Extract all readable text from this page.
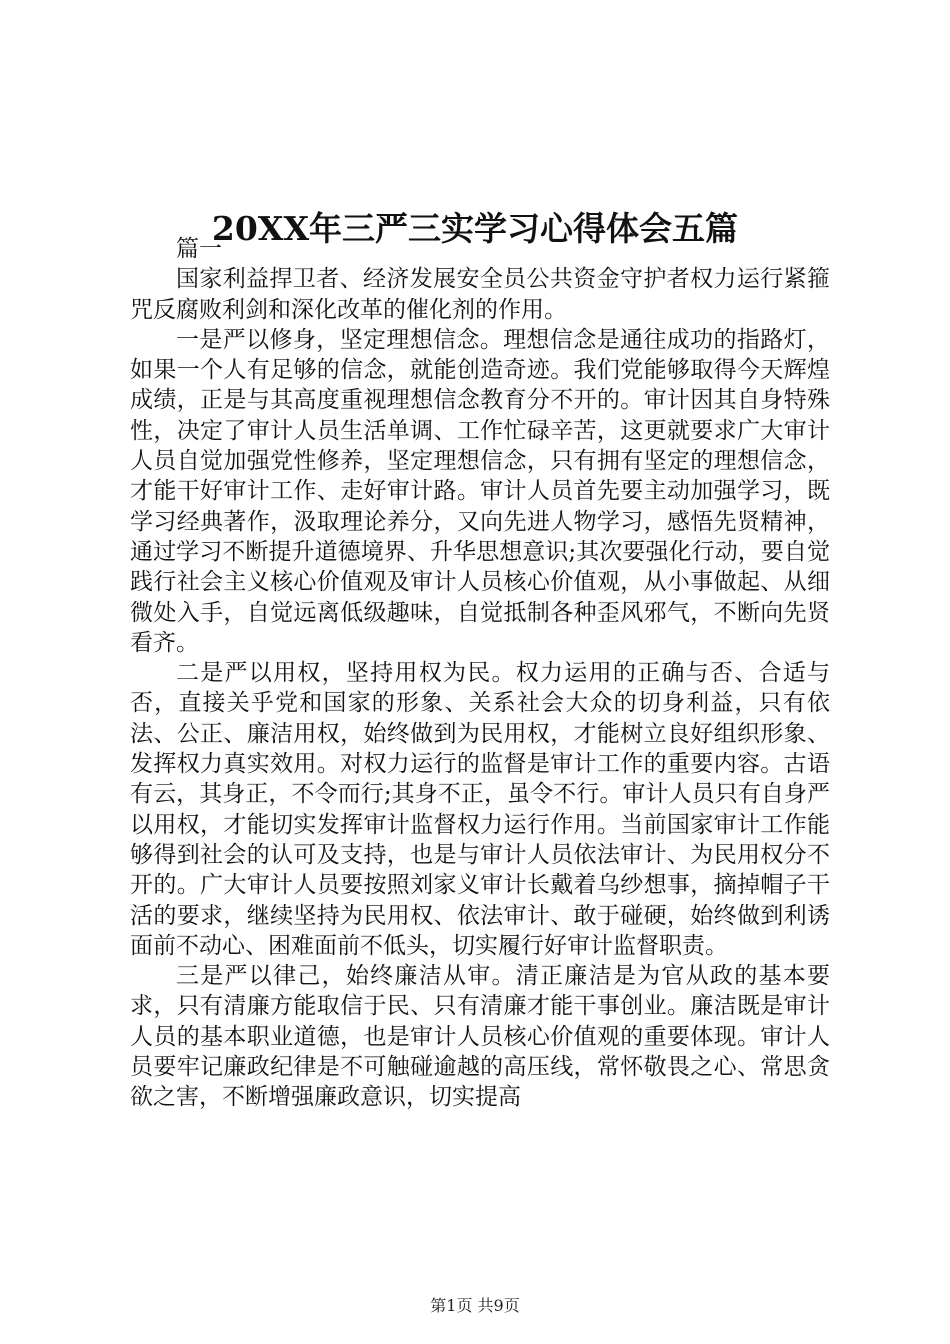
20XX年三严三实学习心得体会五篇

篇一

国家利益捍卫者、经济发展安全员公共资金守护者权力运行紧箍咒反腐败利剑和深化改革的催化剂的作用。

一是严以修身，坚定理想信念。理想信念是通往成功的指路灯，如果一个人有足够的信念，就能创造奇迹。我们党能够取得今天辉煌成绩，正是与其高度重视理想信念教育分不开的。审计因其自身特殊性，决定了审计人员生活单调、工作忙碌辛苦，这更就要求广大审计人员自觉加强党性修养，坚定理想信念，只有拥有坚定的理想信念，才能干好审计工作、走好审计路。审计人员首先要主动加强学习，既学习经典著作，汲取理论养分，又向先进人物学习，感悟先贤精神，通过学习不断提升道德境界、升华思想意识;其次要强化行动，要自觉践行社会主义核心价值观及审计人员核心价值观，从小事做起、从细微处入手，自觉远离低级趣味，自觉抵制各种歪风邪气，不断向先贤看齐。

二是严以用权，坚持用权为民。权力运用的正确与否、合适与否，直接关乎党和国家的形象、关系社会大众的切身利益，只有依法、公正、廉洁用权，始终做到为民用权，才能树立良好组织形象、发挥权力真实效用。对权力运行的监督是审计工作的重要内容。古语有云，其身正，不令而行;其身不正，虽令不行。审计人员只有自身严以用权，才能切实发挥审计监督权力运行作用。当前国家审计工作能够得到社会的认可及支持，也是与审计人员依法审计、为民用权分不开的。广大审计人员要按照刘家义审计长戴着乌纱想事，摘掉帽子干活的要求，继续坚持为民用权、依法审计、敢于碰硬，始终做到利诱面前不动心、困难面前不低头，切实履行好审计监督职责。

三是严以律己，始终廉洁从审。清正廉洁是为官从政的基本要求，只有清廉方能取信于民、只有清廉才能干事创业。廉洁既是审计人员的基本职业道德，也是审计人员核心价值观的重要体现。审计人员要牢记廉政纪律是不可触碰逾越的高压线，常怀敬畏之心、常思贪欲之害，不断增强廉政意识，切实提高

第1页 共9页
